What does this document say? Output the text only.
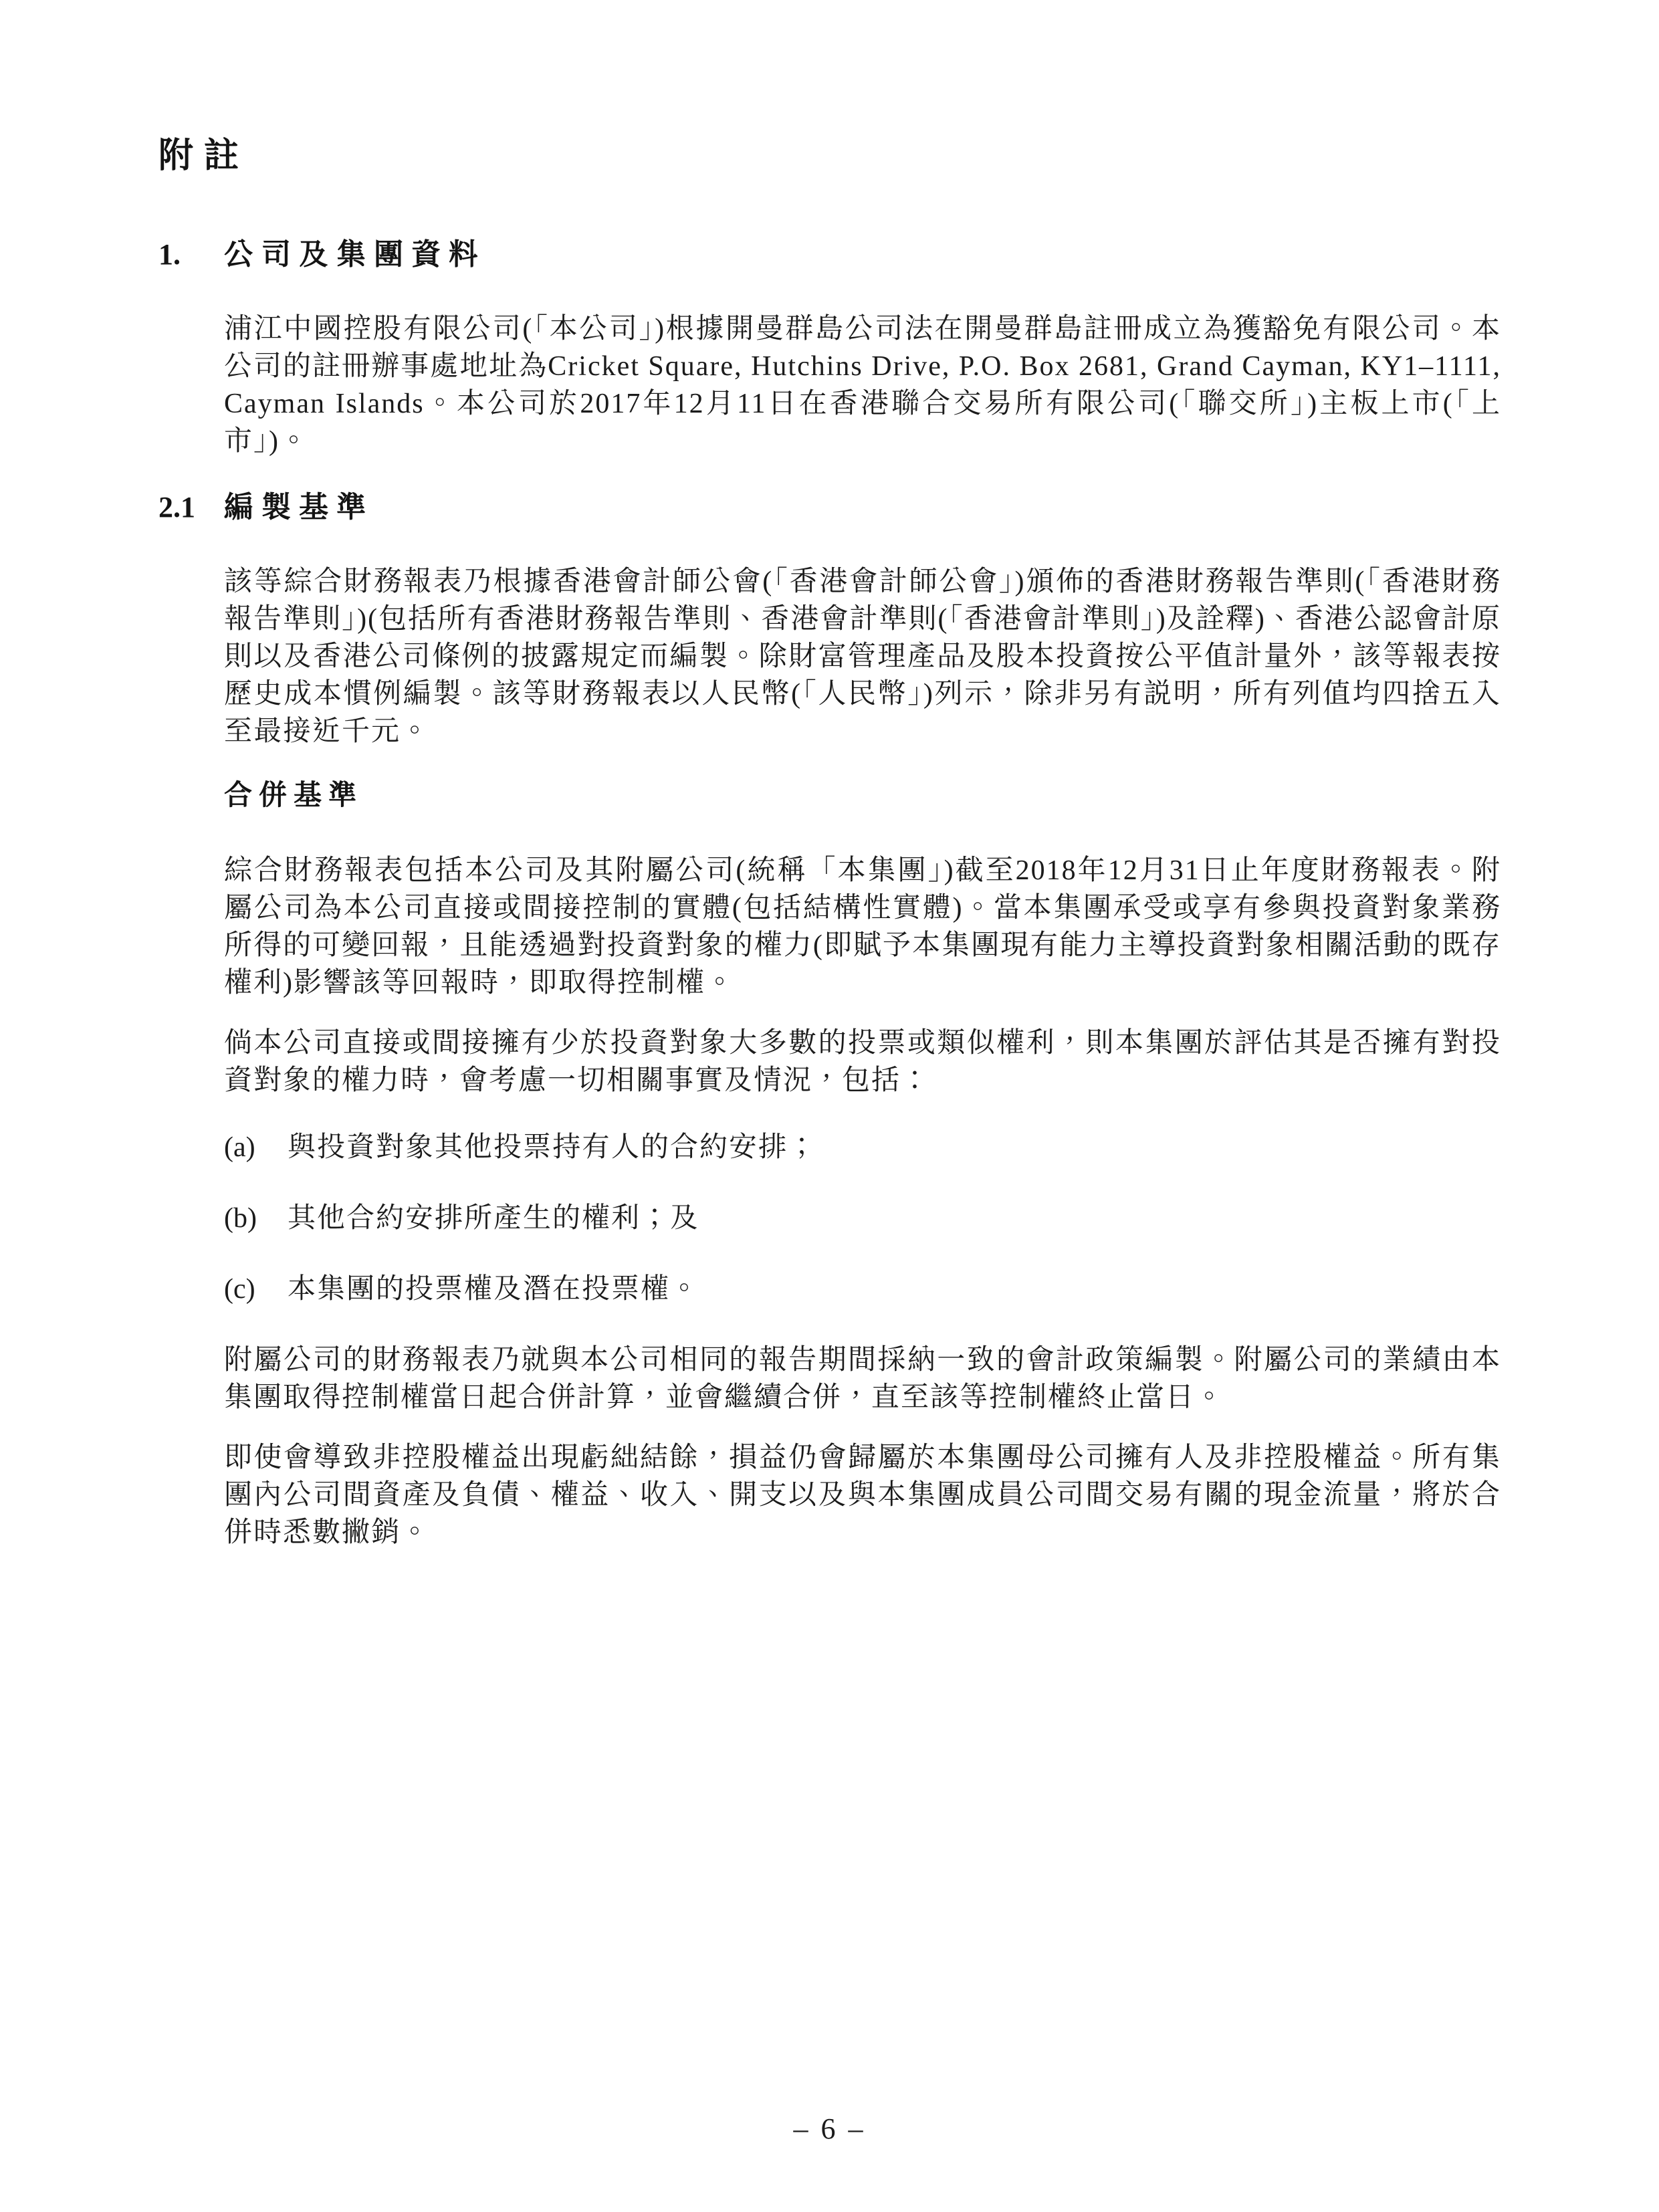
附註
1.	公司及集團資料

浦江中國控股有限公司(「本公司」)根據開曼群島公司法在開曼群島註冊成立為獲豁免有限公司。本公司的註冊辦事處地址為Cricket Square, Hutchins Drive, P.O. Box 2681, Grand Cayman, KY1–1111, Cayman Islands。本公司於2017年12月11日在香港聯合交易所有限公司(「聯交所」)主板上市(「上市」)。

2.1 編製基準

該等綜合財務報表乃根據香港會計師公會(「香港會計師公會」)頒佈的香港財務報告準則(「香港財務報告準則」)(包括所有香港財務報告準則、香港會計準則(「香港會計準則」)及詮釋)、香港公認會計原則以及香港公司條例的披露規定而編製。除財富管理產品及股本投資按公平值計量外，該等報表按歷史成本慣例編製。該等財務報表以人民幣(「人民幣」)列示，除非另有説明，所有列值均四捨五入至最接近千元。

合併基準

綜合財務報表包括本公司及其附屬公司(統稱「本集團」)截至2018年12月31日止年度財務報表。附屬公司為本公司直接或間接控制的實體(包括結構性實體)。當本集團承受或享有參與投資對象業務所得的可變回報，且能透過對投資對象的權力(即賦予本集團現有能力主導投資對象相關活動的既存權利)影響該等回報時，即取得控制權。

倘本公司直接或間接擁有少於投資對象大多數的投票或類似權利，則本集團於評估其是否擁有對投資對象的權力時，會考慮一切相關事實及情況，包括：

(a)	與投資對象其他投票持有人的合約安排；
(b)	其他合約安排所產生的權利；及
(c)	本集團的投票權及潛在投票權。

附屬公司的財務報表乃就與本公司相同的報告期間採納一致的會計政策編製。附屬公司的業績由本集團取得控制權當日起合併計算，並會繼續合併，直至該等控制權終止當日。

即使會導致非控股權益出現虧絀結餘，損益仍會歸屬於本集團母公司擁有人及非控股權益。所有集團內公司間資產及負債、權益、收入、開支以及與本集團成員公司間交易有關的現金流量，將於合併時悉數撇銷。

– 6 –
